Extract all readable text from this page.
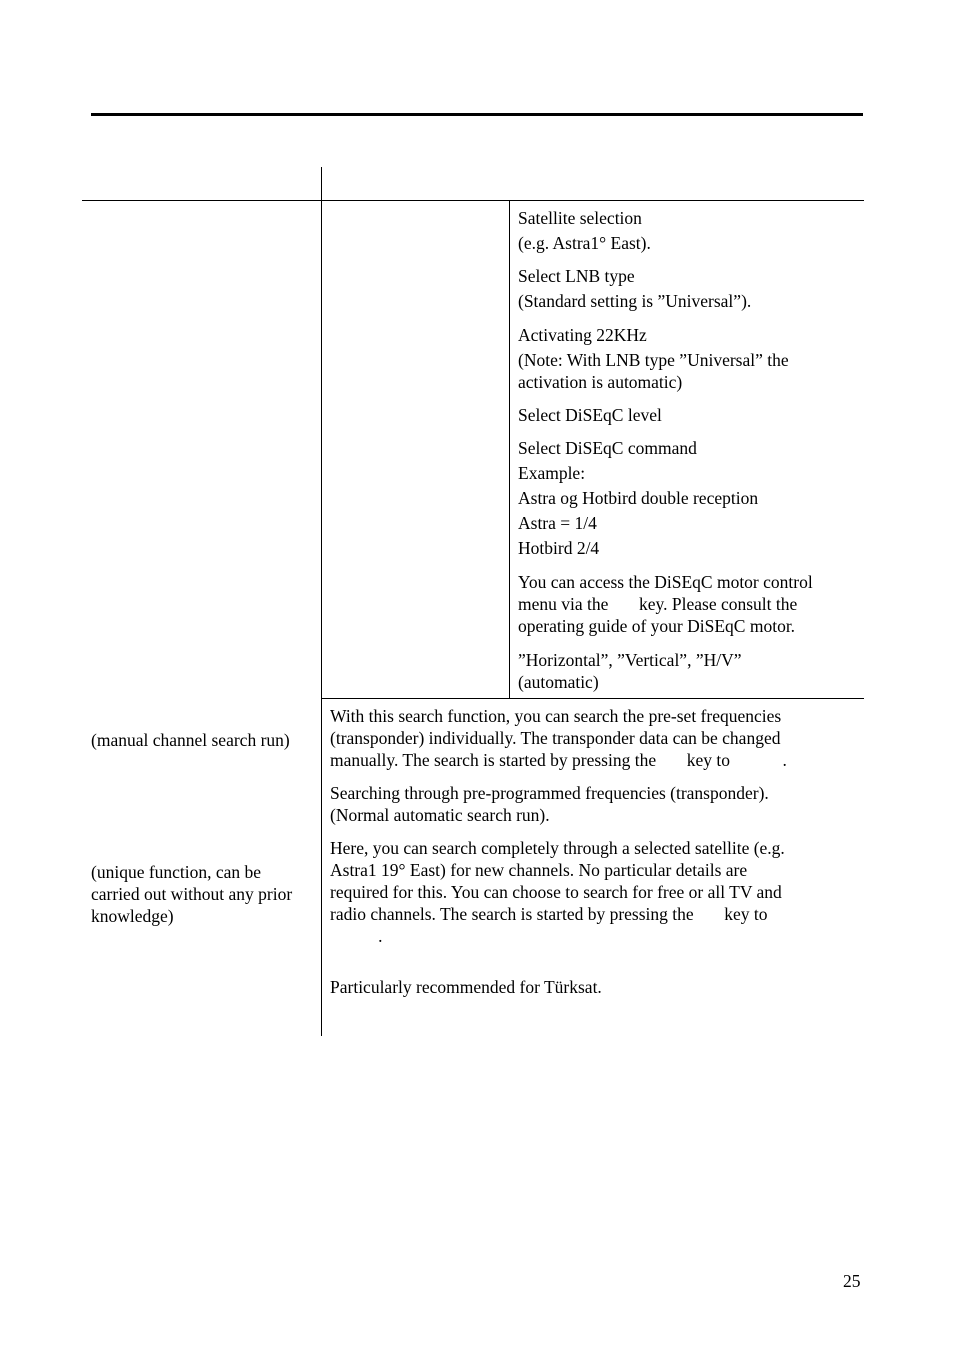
Satellite selection
(e.g. Astra1° East).
Select LNB type
(Standard setting is ”Universal”).
Activating 22KHz
(Note: With LNB type ”Universal” the
activation is automatic)
Select DiSEqC level
Select DiSEqC command
Example:
Astra og Hotbird double reception
Astra = 1/4
Hotbird 2/4
You can access the DiSEqC motor control
menu via the       key. Please consult the
operating guide of your DiSEqC motor.
”Horizontal”, ”Vertical”, ”H/V”
(automatic)
(manual channel search run)
(unique function, can be
carried out without any prior
knowledge)
With this search function, you can search the pre-set frequencies
(transponder) individually. The transponder data can be changed
manually. The search is started by pressing the       key to            .
Searching through pre-programmed frequencies (transponder).
(Normal automatic search run).
Here, you can search completely through a selected satellite (e.g.
Astra1 19° East) for new channels. No particular details are
required for this. You can choose to search for free or all TV and
radio channels. The search is started by pressing the       key to
.
Particularly recommended for Türksat.
25
